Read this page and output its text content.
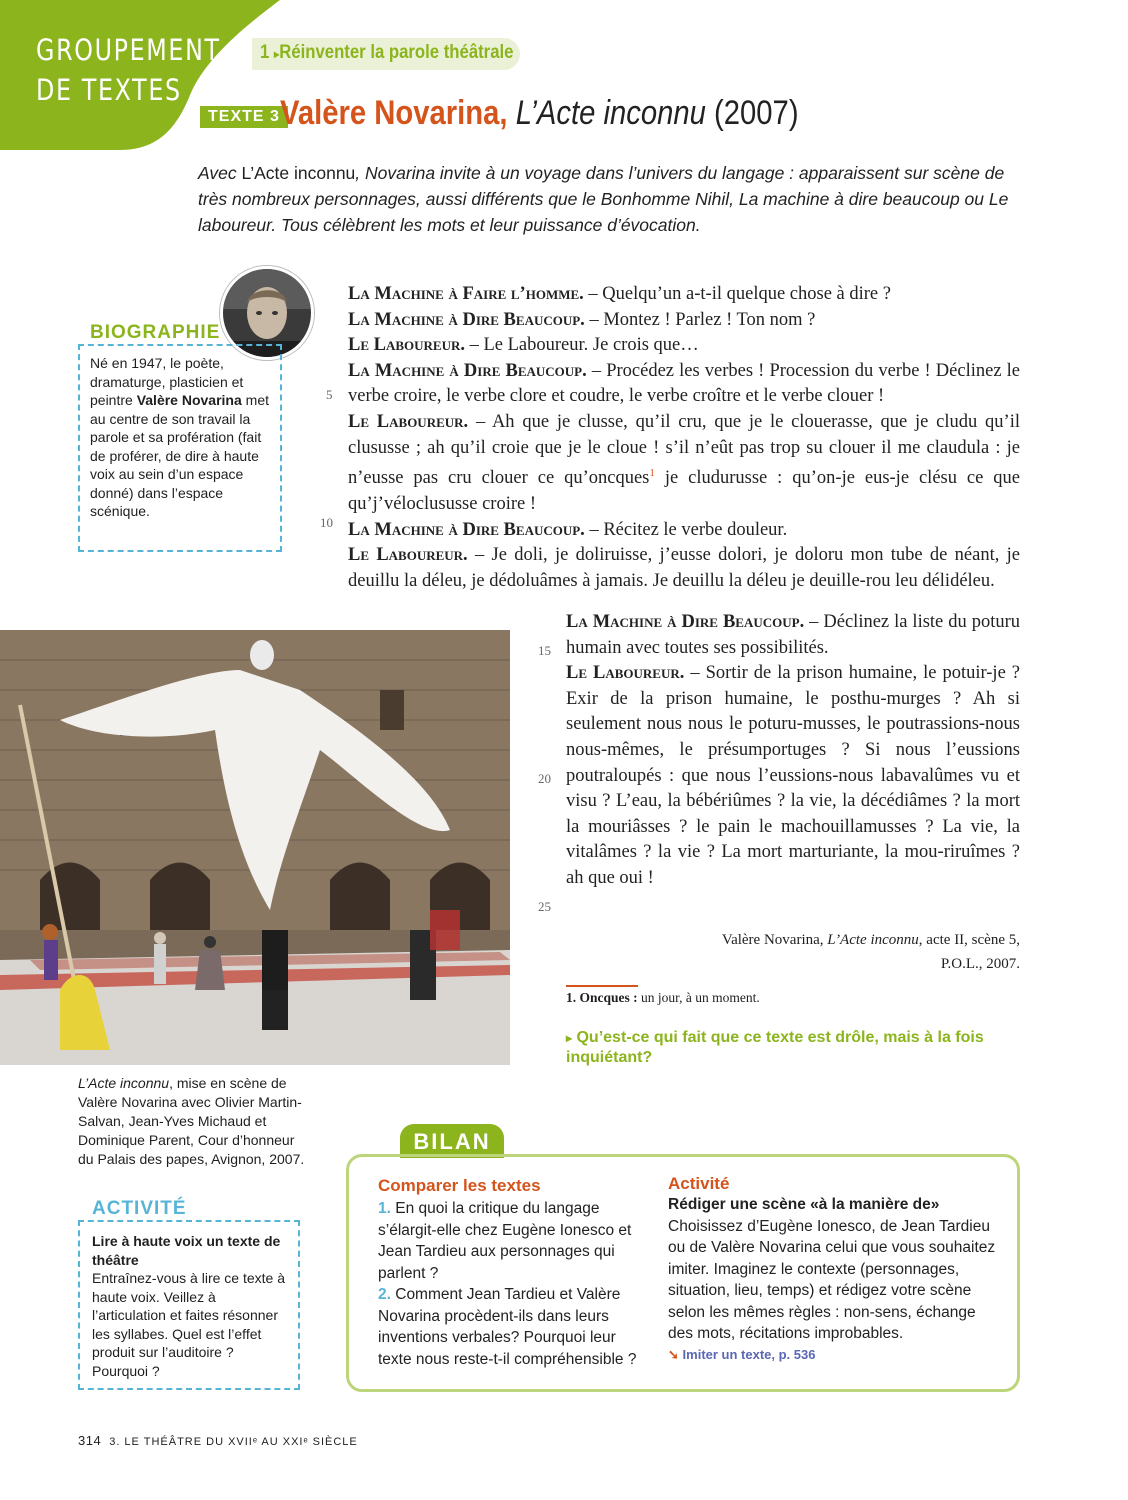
GROUPEMENT
DE TEXTES
1 ▸Réinventer la parole théâtrale
TEXTE 3 Valère Novarina, L’Acte inconnu (2007)
Avec L’Acte inconnu, Novarina invite à un voyage dans l’univers du langage : apparaissent sur scène de très nombreux personnages, aussi différents que le Bonhomme Nihil, La machine à dire beaucoup ou Le laboureur. Tous célèbrent les mots et leur puissance d’évocation.
BIOGRAPHIE
Né en 1947, le poète, dramaturge, plasticien et peintre Valère Novarina met au centre de son travail la parole et sa profération (fait de proférer, de dire à haute voix au sein d’un espace donné) dans l’espace scénique.
5
10
15
20
25

La Machine à Faire l’homme. – Quelqu’un a-t-il quelque chose à dire ?

La Machine à Dire Beaucoup. – Montez ! Parlez ! Ton nom ?

Le Laboureur. – Le Laboureur. Je crois que…

La Machine à Dire Beaucoup. – Procédez les verbes ! Procession du verbe ! Déclinez le verbe croire, le verbe clore et coudre, le verbe croître et le verbe clouer !

Le Laboureur. – Ah que je clusse, qu’il cru, que je le clouerasse, que je cludu qu’il clususse ; ah qu’il croie que je le cloue ! s’il n’eût pas trop su clouer il me claudula : je n’eusse pas cru clouer ce qu’oncques$^1$ je cludurusse : qu’on-je eus-je clésu ce que qu’j’véloclususse croire !

La Machine à Dire Beaucoup. – Récitez le verbe douleur.

Le Laboureur. – Je doli, je doliruisse, j’eusse dolori, je doloru mon tube de néant, je deuillu la déleu, je dédoluâmes à jamais. Je deuillu la déleu je deuille-rou leu délidéleu.

La Machine à Dire Beaucoup. – Déclinez la liste du poturu humain avec toutes ses possibilités.

Le Laboureur. – Sortir de la prison humaine, le potuir-je ? Exir de la prison humaine, le posthu-murges ? Ah si seulement nous nous le poturu-musses, le poutrassions-nous nous-mêmes, le présumportuges ? Si nous l’eussions poutraloupés : que nous l’eussions-nous labavalûmes vu et visu ? L’eau, la bébériûmes ? la vie, la décédiâmes ? la mort la mouriâsses ? le pain le machouillamusses ? La vie, la vitalâmes ? la vie ? La mort marturiante, la mou-riruîmes ? ah que oui !

Valère Novarina, L’Acte inconnu, acte II, scène 5,
P.O.L., 2007.
1. Oncques : un jour, à un moment.
▸ Qu’est-ce qui fait que ce texte est drôle, mais à la fois inquiétant?
L’Acte inconnu, mise en scène de Valère Novarina avec Olivier Martin-Salvan, Jean-Yves Michaud et Dominique Parent, Cour d’honneur du Palais des papes, Avignon, 2007.
ACTIVITÉ
Lire à haute voix un texte de théâtre
Entraînez-vous à lire ce texte à haute voix. Veillez à l’articulation et faites résonner les syllabes. Quel est l’effet produit sur l’auditoire ? Pourquoi ?
BILAN
Comparer les textes
1. En quoi la critique du langage s’élargit-elle chez Eugène Ionesco et Jean Tardieu aux personnages qui parlent ?
2. Comment Jean Tardieu et Valère Novarina procèdent-ils dans leurs inventions verbales? Pourquoi leur texte nous reste-t-il compréhensible ?
Activité
Rédiger une scène «à la manière de»
Choisissez d’Eugène Ionesco, de Jean Tardieu ou de Valère Novarina celui que vous souhaitez imiter. Imaginez le contexte (personnages, situation, lieu, temps) et rédigez votre scène selon les mêmes règles : non-sens, échange des mots, récitations improbables.
➘ Imiter un texte, p. 536
314 3. LE THÉÂTRE DU XVIIᵉ AU XXIᵉ SIÈCLE
